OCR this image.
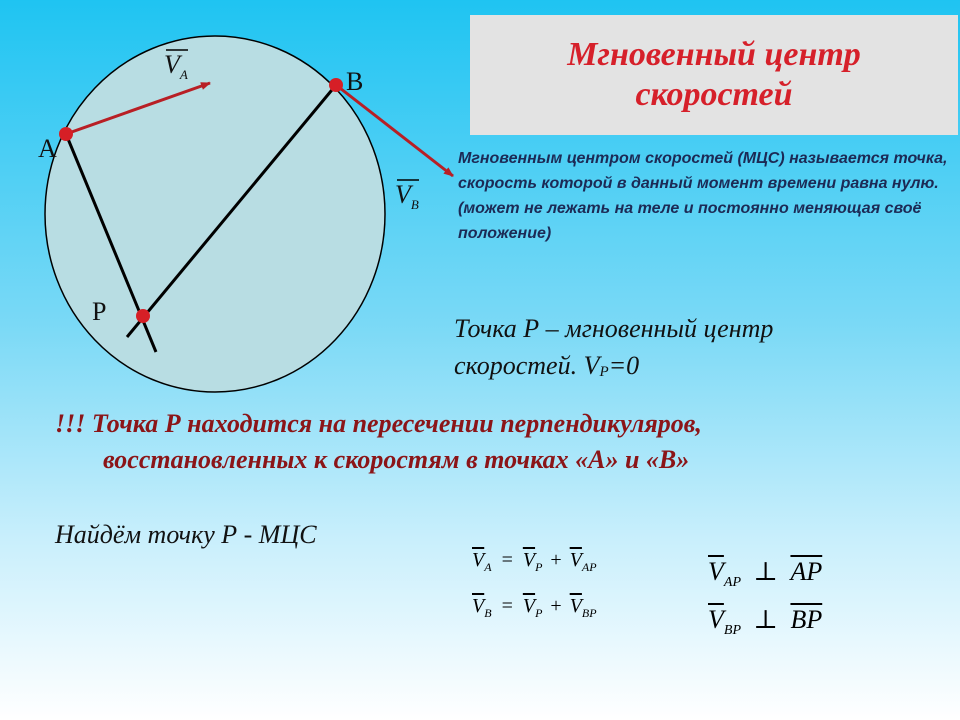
A
B
P
$V_A$
$V_B$
Мгновенный центр
скоростей
Мгновенным центром скоростей (МЦС) называется точка, скорость которой в данный момент времени равна нулю. (может не лежать на теле и постоянно меняющая своё положение)
Точка Р – мгновенный центр
скоростей. $V_P=0$
!!! Точка Р находится на пересечении перпендикуляров,
восстановленных к скоростям в точках «А» и «В»
Найдём точку Р - МЦС
$\overline{V}_A = \overline{V}_P + \overline{V}_{AP}$
$\overline{V}_B = \overline{V}_P + \overline{V}_{BP}$
$\overline{V}_{AP}$ ⊥ $\overline{AP}$
$\overline{V}_{BP}$ ⊥ $\overline{BP}$
